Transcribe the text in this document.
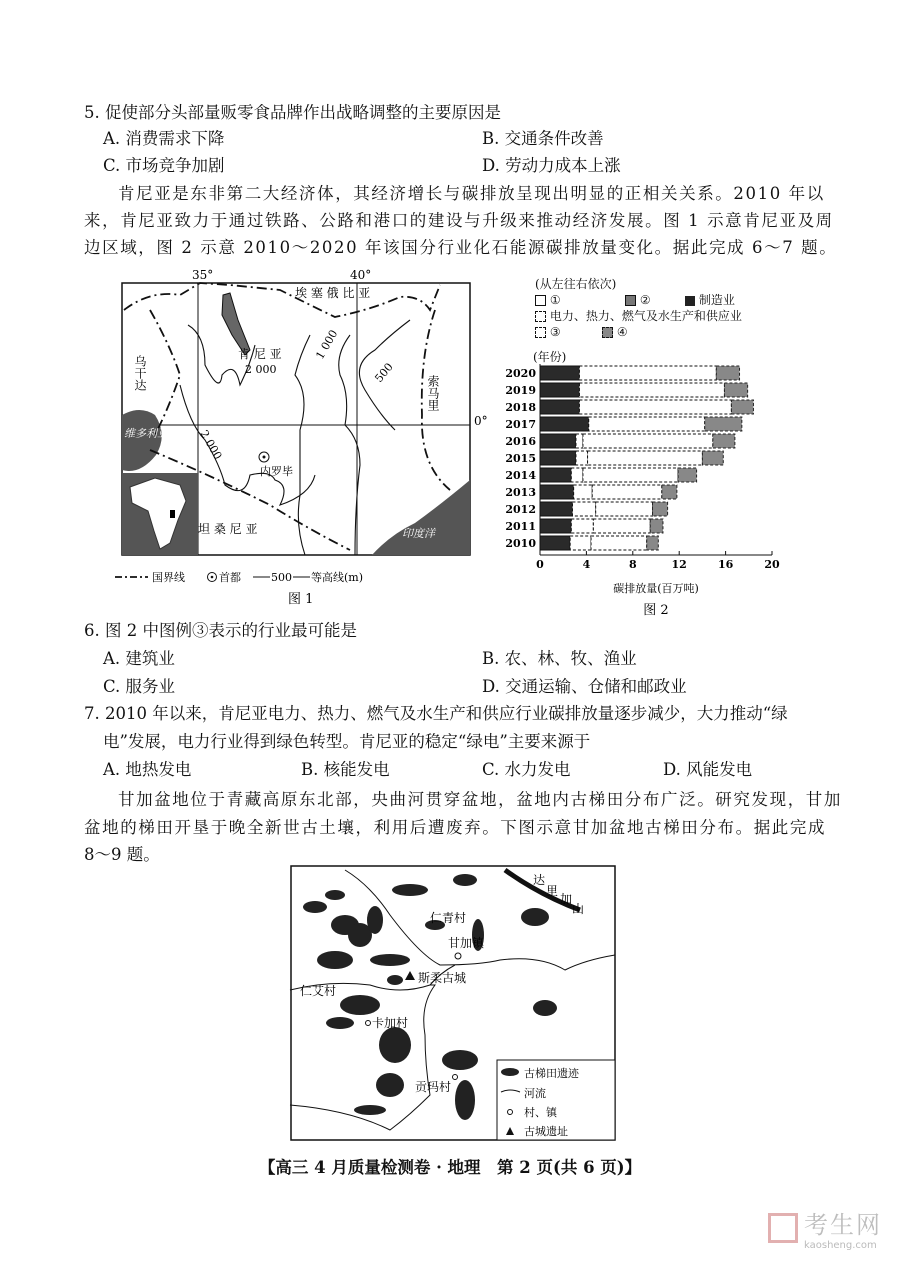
5. 促使部分头部量贩零食品牌作出战略调整的主要原因是
A. 消费需求下降	B. 交通条件改善
C. 市场竞争加剧	D. 劳动力成本上涨
肯尼亚是东非第二大经济体，其经济增长与碳排放呈现出明显的正相关关系。2010 年以
来，肯尼亚致力于通过铁路、公路和港口的建设与升级来推动经济发展。图 1 示意肯尼亚及周
边区域，图 2 示意 2010～2020 年该国分行业化石能源碳排放量变化。据此完成 6～7 题。
35°	40°
0°
埃 塞 俄 比 亚
乌干达
肯 尼 亚
2 000
1 000
500
2 000
索马里
维多利亚湖
内罗毕
坦 桑 尼 亚	印度洋
国界线	首都	500 等高线(m)
图 1
(从左往右依次)
①	②	制造业
电力、热力、燃气及水生产和供应业
③	④
(年份)
2020
2019
2018
2017
2016
2015
2014
2013
2012
2011
2010
0	4	8	12	16	20
碳排放量(百万吨)
图 2
6. 图 2 中图例③表示的行业最可能是
A. 建筑业	B. 农、林、牧、渔业
C. 服务业	D. 交通运输、仓储和邮政业
7. 2010 年以来，肯尼亚电力、热力、燃气及水生产和供应行业碳排放量逐步减少，大力推动“绿
电”发展，电力行业得到绿色转型。肯尼亚的稳定“绿电”主要来源于
A. 地热发电	B. 核能发电	C. 水力发电	D. 风能发电
甘加盆地位于青藏高原东北部，央曲河贯穿盆地，盆地内古梯田分布广泛。研究发现，甘加
盆地的梯田开垦于晚全新世古土壤，利用后遭废弃。下图示意甘加盆地古梯田分布。据此完成
8～9 题。
达
里
加
山
仁青村
甘加镇
斯柔古城
仁艾村
卡加村
贡玛村
古梯田遗迹
河流
村、镇
古城遗址
【高三 4 月质量检测卷 · 地理　第 2 页(共 6 页)】
考生网
kaosheng.com
